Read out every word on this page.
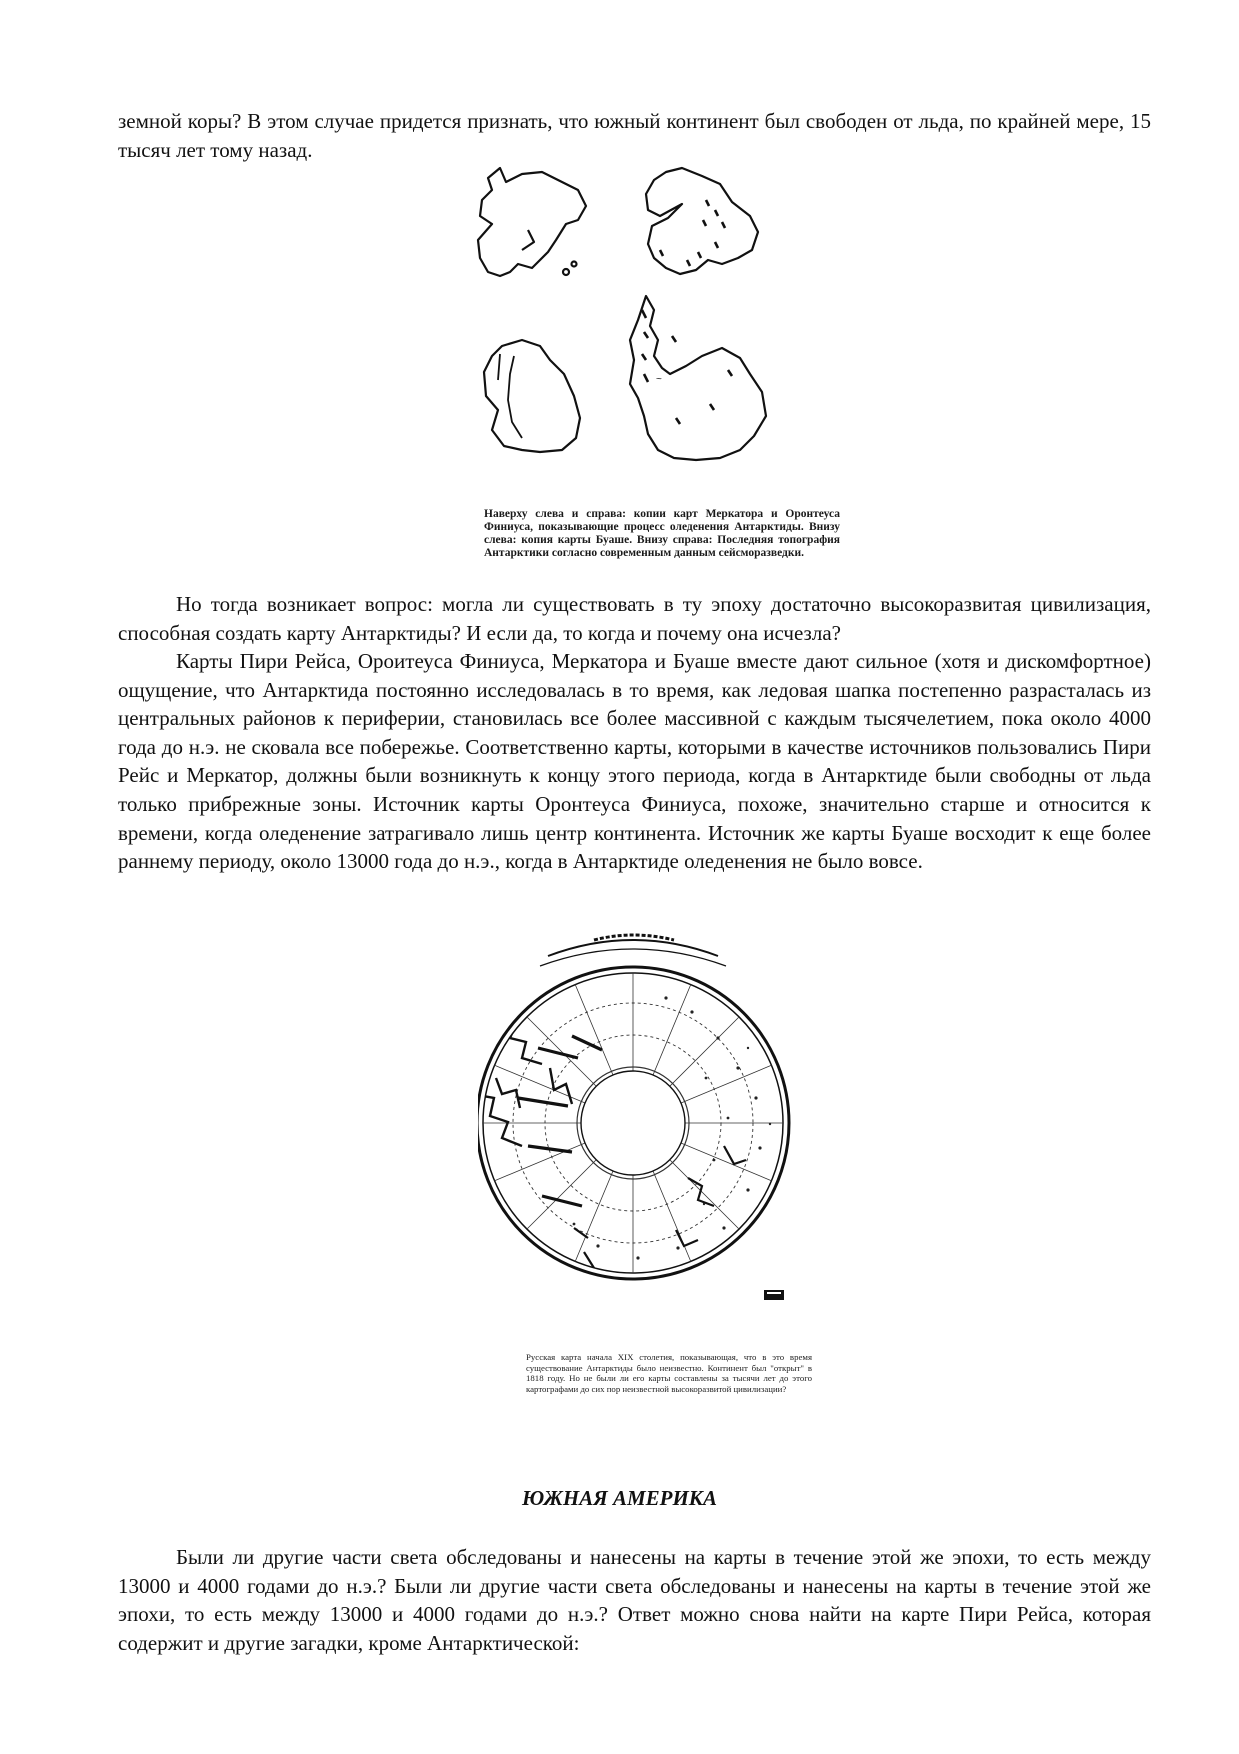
земной коры? В этом случае придется признать, что южный континент был свободен от льда, по крайней мере, 15 тысяч лет тому назад.

~
Наверху слева и справа: копии карт Меркатора и Оронтеуса Финиуса, показывающие процесс оледенения Антарктиды. Внизу слева: копия карты Буаше. Внизу справа: Последняя топография Антарктики согласно современным данным сейсморазведки.

Но тогда возникает вопрос: могла ли существовать в ту эпоху достаточно высокоразвитая цивилизация, способная создать карту Антарктиды? И если да, то когда и почему она исчезла?

Карты Пири Рейса, Ороитеуса Финиуса, Меркатора и Буаше вместе дают сильное (хотя и дискомфортное) ощущение, что Антарктида постоянно исследовалась в то время, как ледовая шапка постепенно разрасталась из центральных районов к периферии, становилась все более массивной с каждым тысячелетием, пока около 4000 года до н.э. не сковала все побережье. Соответственно карты, которыми в качестве источников пользовались Пири Рейс и Меркатор, должны были возникнуть к концу этого периода, когда в Антарктиде были свободны от льда только прибрежные зоны. Источник карты Оронтеуса Финиуса, похоже, значительно старше и относится к времени, когда оледенение затрагивало лишь центр континента. Источник же карты Буаше восходит к еще более раннему периоду, около 13000 года до н.э., когда в Антарктиде оледенения не было вовсе.

Русская карта начала XIX столетия, показывающая, что в это время существование Антарктиды было неизвестно. Континент был "открыт" в 1818 году. Но не были ли его карты составлены за тысячи лет до этого картографами до сих пор неизвестной высокоразвитой цивилизации?
ЮЖНАЯ АМЕРИКА

Были ли другие части света обследованы и нанесены на карты в течение этой же эпохи, то есть между 13000 и 4000 годами до н.э.? Были ли другие части света обследованы и нанесены на карты в течение этой же эпохи, то есть между 13000 и 4000 годами до н.э.? Ответ можно снова найти на карте Пири Рейса, которая содержит и другие загадки, кроме Антарктической:
